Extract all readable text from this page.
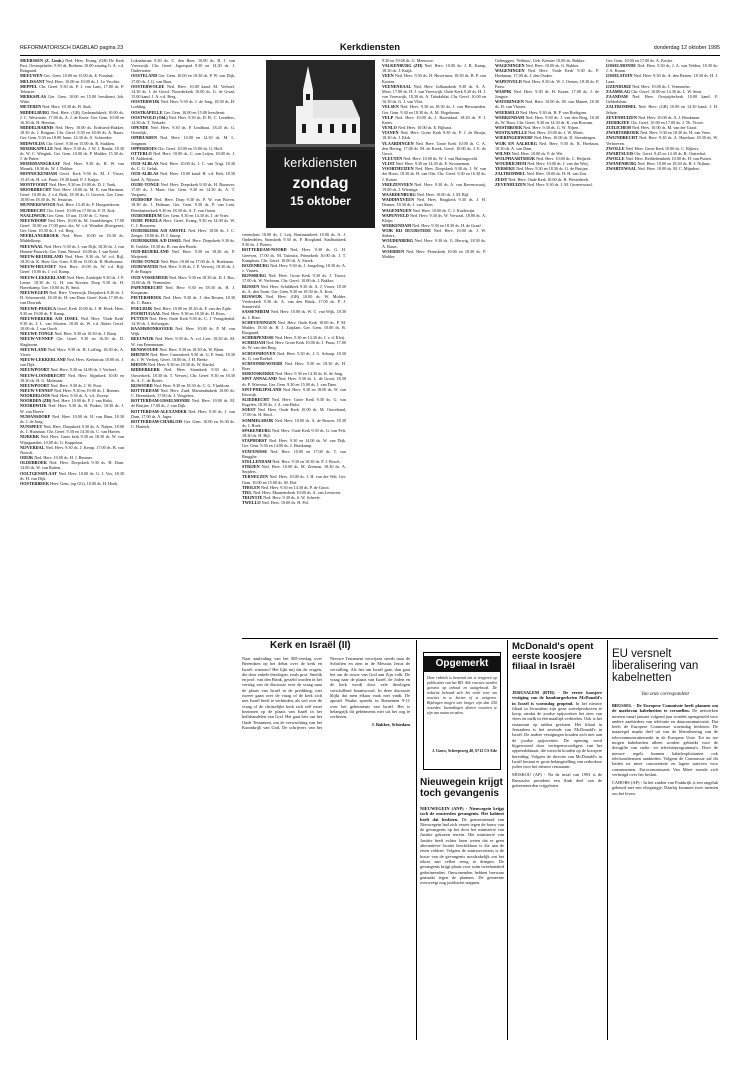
REFORMATORISCH DAGBLAD pagina 23	Kerkdiensten	donderdag 12 oktober 1995

MEERSSEN (Z. Limb.) Ned. Herv. Evang. (GB) De Kerk Past. Oestropthaler: 9.30 ds. Rothem, 10.00 zondag G. A. v.d. Bongaard.

MEEUWEN Gec. Gem. 10.00 en 15.00 ds. E. Fondaal.

MELISSANT Ned. Herv. 10.00 en 19.00 ds. J. Lo Vecchie.

MEPPEL Chr. Geref. 9.30 ds. P. J. van Lans, 17.00 ds. P. Teleuree.

MERKSPLAS Ger. Gem. 10.00 en 15.00 leesdienst Joh. Witte.

METEREN Ned. Herv. 10.30 ds. H. Stuk.

MIDDELBURG Ned. Herv. (GB) Gerbrandskerk 10.00 ds. J. C. Weststrate, 17.00 ds. A. J. de Korte. Ger. Gem. 10.00 en 16.30 ds. H. Heerma.

MIDDELHARNIS Ned. Herv. 10.00 ds. Erdtsieck-Bakker, 18.30 ds. J. Rotgans. Chr. Geref. 9.30 en 18.00 ds. A. Baars. Ger. Gem. 9.30 en 18.00 Janse, 14.30 ds. A. Schroeder.

MIDWOLDA Chr. Geref. 9.30 en 15.00 ds. R. Stukken.

MOERKAPELLE Ned. Herv. 9.30 ds. J. W. J. Bonda, 18.30 ds. W. C. Wiegink, Ger. Gem. 10.00 ds. P. Mulder, 15.30 ds. J. de Putter.

MOERMANSGRAAF Ned. Herv. 9.30 ds. R. W. van Mourik, 18.30 ds. W. J. Dekker.

MONNICKENDAM Geref. Kerk 9.30 ds. M. J. Visser, 15.45 ds. H. v.d. Pauw, 18.30 kand. P. J. Kuijer.

MONTFOORT Ned. Herv. 9.30 en 19.00 ds. D. J. Vonk.

MOORDRECHT Ned. Herv. 10.00 ds. M. E. van Hartman, Geref. 10.00 ds. J. v.d. Berk, 18.30 ds. G. Goverts. Ger. Gem. 10.00 en 18.30 ds. W. Jessurun.

MUNNEKEWOUD Ned. Herv. 13.45 ds. F. Hoogendoorn.

MIJDRECHT Chr. Geref. 10.00 en 17.00 ds. F. D. Kok.

NAALDWIJK Ger. Gem. 10 uur, 15.00 ds. C. Steur.

NIEUWDORP Ned. Herv. 10.00 ds. M. Grandsberger, 17.00 Geref. 10.00 en 17.00 past. drs. W. v.d. Wouden (Kortgene), Ger. Gem. 10.30 ds. J. v.d. Berg.

NEERLANGBROEK Ned. Herv. 10.00 en 18.30 ds. Middelkoop.

NIEUWAAL Ned. Herv. 9.30 ds. J. van Dijk, 18.30 ds. J. van Haaren-Pauwels; Ger. Gem. Nieuwl. 10.00 ds. I. van Ketel.

NIEUW-BEIJERLAND Ned. Herv. 9.30 ds. W. v.d. Bijl, 18.30 ds. K. Boer. Ger. Gem. 9.30 en 15.00 ds. B. Hoeksema.

NIEUW-HELVOET Ned. Herv. 10.00 ds. W. v.d. Bijl. Geref. 10.00 ds. J. v.d. Kamp.

NIEUW-LEKKERLAND Ned. Herv. Zuidzijde 9.30 ds. J. P. Lenze. 18.30 ds. G. H. van Kooten. Dorp 9.30 ds. H. Haverkamp. Ger. 10.00 ds. B. Smit.

NIEUWEGEIN Ned. Herv. Vreeswijk, Dorpskerk 9.30 ds. J. H. Schoonveld, 18.30 ds. H. van Dam. Geref. Kerk 17.00 ds. van Doornik.

NIEUWE-PEKELA Geref. Kerk 10.00 ds. J. H. Hoek. Herv. 9.30 en 19.00 ds. P. Kamp.

NIEUWERKERK A/D IJSSEL Ned. Herv. 'Oude Kerk' 9.30 ds. J. L. van Slooten. 18.30 ds. W. v.d. Akker. Geref. 10.00 ds. J. van Oordt.

NIEUWE TONGE Ned. Herv. 9.30 en 18.30 ds. J. Baaij.

NIEUW-VENNEP Chr. Geref. 9.30 en 16.30 ds. D. Slagboom.

NIEUWLAND Ned. Herv. 9.30 ds. H. Loffing, 18.30 ds. A. Visser.

NIEUW-LEKKERLAND Ned. Herv. Kerkstraat 10.00 ds. J. van Dijk.

NIEUWPOORT Ned. Herv. 9.30 en 14.00 ds. I. Verhoef.

NIEUW-LOOSDRECHT Ned. Herv. Sijpekerk 10.00 en 18.30 ds. H. G. Molenaar.

NIEUWPOORT Ned. Herv. 9.30 ds. J. W. Poot.

NIEUW VENNEP Ned. Herv. 9.30 en 19.00 ds. J. Bonnes.

NOORDELOOS Ned. Herv. 9.30 ds. A. v.d. Zweep.

NOORDEN (ZH) Ned. Herv. 10.00 ds. P. J. van Hulst.

NOORDWIJK Ned. Herv. 9.30 ds. H. Pinkse, 18.30 ds. J. W. van Hoeve.

NUMANSDORP Ned. Herv. 10.00 ds. H. van Ham, 18.30 ds. J. de Jong.

NUNSPEET Ned. Herv. Dorpskerk 9.30 ds. A. Naijen, 18.00 ds. J. Huisman. Chr. Geref. 9.30 en 14.30 ds. C. van Harten.

NIJKERK Ned. Herv. Grote kerk 9.30 en 18.30 ds. W. van Wijngaarden, 10.00 ds. G. Koppelaar.

NIJVERDAL Ned. Herv. 9.30 ds. J. Kemp, 17.00 ds. B. van Noordt.

ODIJK Ned. Herv. 10.00 ds. H. J. Beumer.

OLDEBROEK Ned. Herv. Dorpskerk 9.30 ds. H. Dam, 14.00 ds. W. van Ruiten.

OOLTGENSPLAAT Ned. Herv. 10.00 ds. G. J. Vos, 18.30 ds. H. van Dijk.

OOSTERBEEK Herv. Gem. (op GG), 10.00 ds. H. Hoek.

Lokaalstraat 9.30 ds. C. den Boer, 10.00 ds. B. J. van Vreeswijk. Chr. Geref. Jagerspad 9.30 en 14.30 ds. J. Ouderwater.

OOSTELAND Ger. Gem. 10.00 en 18.30 ds. P. W. van Dijk, 17.00 ds. J. G. van Baar.

OOSTERWOLDE Ned. Herv. 10.00 kand. M. Verhoef, 14.30 ds. J. de Groof. Noorderkerk 10.00 ds. G. de Graaf, 15.00 kand. J. A. v.d. Berg.

OOSTERWIJK Ned. Herv. 9.30 ds. J. de Jong, 18.30 ds. H. Lodding.

OOSTKAPELLE Ger. Gem. 10.00 en 15.00 leesdienst.

OOSTWOLD (Old.) Ned. Herv. 9.30 ds. D. Pi, C. Leenders, 14.30 ds. T. Verkade.

OPENDE Ned. Herv. 9.30 ds. P. Lindhout, 18.45 ds. G. Overdijk.

OPHEUSDEN Ned. Herv. 10.00 en 14.30 ds. M. L. Jongman.

OPPERDOES Chr. Geref. 10.00 en 15.00 ds. G. Hoff.

OTTERLO Ned. Herv. 10.00 ds. C. van Leijen, 18.00 ds. J. H. Aalderink.

OUD-ALBLAS Ned. Herv. 10.00 ds. J. C. van Trigt, 18.30 ds. C. G. Geluk.

OUD-ALBLAS Ned. Herv. 10.00 kand. H. v.d. Belt, 18.30 kand. A. Nijssen.

OUDE-TONGE Ned. Herv. Dorpskerk 9.30 ds. H. Baauwer, 17.00 ds. J. Maas. Ger. Gem. 9.30 en 14.30 ds. A. T. Vergunst.

OUDDORP Ned. Herv. Dorp 9.30 ds. P. W. van Boven, 18.30 ds. J. Hofman. Ger. Gem. 9.30 ds. P. van Lent. Ebenhaëzerkerk 9.30 en 18.30 ds. A. T. van Ooien.

OUDEMIRDUM Ger. Gem. 9.30 en 14.30 ds. J. de Vries.

OUDE PEKELA Herv. Geref. Evang. 9.30 en 14.00 ds. W. C. J. Bouwens.

OUDERKERK A/D AMSTEL Ned. Herv. 10.00 ds. J. C. Zeeger, 18.00 ds. D. J. Snoep.

OUDERKERK A/D IJSSEL Ned. Herv. Dorpskerk 9.30 ds. R. Grobbe, 18.30 ds. B. van den Broek.

OUD-BEIJERLAND Ned. Herv. 9.30 en 18.30 ds. P. Meijerink.

OUDE-TONGE Ned. Herv. 10.00 en 17.00 ds. A. Hoekman.

OUDEWATER Ned. Herv. 9.30 ds. J. P. Verweij, 18.30 ds. J. P. de Burger.

OUD-VOSSEMEER Ned. Herv. 9.30 en 18.30 ds. D. J. Bos, 15.00 ds. H. Vermeulen.

PAPENDRECHT Ned. Herv. 9.30 en 18.30 ds. H. J. Koopman.

PIETERSHOEK Ned. Herv. 9.30 ds. J. den Besten, 18.30 ds. C. Baars.

POELDIJK Ned. Herv. 10.00 en 18.30 ds. F. van der Zijde.

POORTUGAAL Ned. Herv. 9.30 en 18.30 ds. H. Roos.

PUTTEN Ned. Herv. Oude Kerk 9.30 ds. C. J. Vreugdenhil, 14.30 ds. J. Stelwagen.

RAAMSDONKSVEER Ned. Herv. 10.00 ds. P. M. van Wijk.

REEUWIJK Ned. Herv. 9.30 ds. A. v.d. Leer, 18.30 ds. M. W. van Eenennaam.

RENSWOUDE Ned. Herv. 9.30 en 18.30 ds. W. Blom.

RHENEN Ned. Herv. Cunerakerk 9.30 ds. G. P. Smit, 18.30 ds. J. W. Verheij, Geref. 10.00 ds. J. H. Beeke.

RHOON Ned. Herv. 9.30 en 18.30 ds. W. Kardol.

RIDDERKERK Ned. Herv. Sionskerk 9.30 ds. J. Ouwerkerk, 18.30 ds. T. Verweij. Chr. Geref. 9.30 en 16.30 ds. A. C. de Ruiter.

RIJSOORD Ned. Herv. 9.30 en 18.30 ds. C. G. Vlasblom.

ROTTERDAM Ned. Herv. Zuid, Maranathakerk 10.00 ds. C. Heemskerk, 17.00 ds. J. Veugelers.

ROTTERDAM-IJSSELMONDE Ned. Herv. 10.00 ds. M. de Bruijne, 17.00 ds. J. van Dijk.

ROTTERDAM-ALEXANDER Ned. Herv. 9.30 ds. J. van Dam, 17.00 ds. A. Jager.

ROTTERDAM-CHARLOIS Ger. Gem. 10.00 en 16.30 ds. C. Harinck.

verenshuis 10.00 ds. J. Leij, Bastiaanskerk 10.00 ds. A. J. Onderdelen, Sionskerk 9.30 ds. P. Hoogland, Stadhuiskerk 9.30 ds. J. Pieters.

ROTTERDAM-NOORD Ned. Herv. 9.30 ds. G. H. Greeven, 17.00 ds. M. Tuinstra, Prinsekerk 10.00 ds. J. T. Kamphuis. Chr. Geref. 10.00 ds. A. Snoek.

ROZENBURG Ned. Herv. 9.30 ds. J. Jongeling, 18.30 ds. A. v. Vianen.

RIJNSBURG Ned. Herv. Grote Kerk 9.30 ds. J. Troost, 17.00 ds. W. Verboom. Chr. Geref. 10.00 ds. J. Bakker.

RIJSSEN Ned. Herv. Schildkerk 9.30 ds. A. J. Visser, 18.30 ds. A. den Toom. Ger. Gem. 9.30 en 18.30 ds. A. Kort.

RIJSWIJK Ned. Herv. (GB) 10.00 ds. W. Mulder, Vredeskerk 9.30 ds. A. van den Brink, 17.00 ds. P. J. Sonneveld.

SASSENHEIM Ned. Herv. 10.00 ds. W. C. van Wijk, 18.30 ds. J. Bout.

SCHEVENINGEN Ned. Herv. Oude Kerk 10.00 ds. P. M. Mulder, 18.30 ds. H. J. Zuijdam. Ger. Gem. 10.00 ds. R. Boogaard.

SCHERPENISSE Ned. Herv. 9.30 en 14.30 ds. J. v. d. Kleij.

SCHIEDAM Ned. Herv. Grote Kerk 10.00 ds. J. Pauw, 17.00 ds. W. van den Berg.

SCHOONHOVEN Ned. Herv. 9.30 ds. J. C. Schaap, 18.30 ds. G. van Roekel.

SCHOONREWOERD Ned. Herv. 9.30 en 18.30 ds. H. Boer.

SEROOSKERKE Ned. Herv. 9.30 en 14.30 ds. K. de Jong.

SINT ANNALAND Ned. Herv. 9.30 ds. L. de Groot, 18.30 ds. P. Wiersma. Ger. Gem. 9.30 en 15.00 ds. J. van Dam.

SINT-PHILIPSLAND Ned. Herv. 9.30 en 18.00 ds. W. van Eeuwijk.

SLIEDRECHT Ned. Herv. Grote Kerk 9.30 ds. G. van Engelen, 18.30 ds. J. A. van Hulst.

SOEST Ned. Herv. Oude Kerk 10.00 ds. M. Ouwehand, 17.00 ds. H. Knol.

SOMMELSDIJK Ned. Herv. 10.00 ds. A. de Reuver, 18.30 ds. J. Hoek.

SPAKENBURG Ned. Herv. Oude Kerk 9.30 ds. G. van Pelt, 18.30 ds. H. Bijl.

STAPHORST Ned. Herv. 9.30 en 14.00 ds. W. van Dijk. Ger. Gem. 9.30 en 14.00 ds. J. Harskamp.

STAVENISSE Ned. Herv. 10.00 en 17.00 ds. T. van Brugghe.

STELLENDAM Ned. Herv. 9.30 en 18.30 ds. P. J. Bosch.

STRIJEN Ned. Herv. 10.00 ds. M. Zeeman, 18.30 ds. A. Snijders.

TERNEUZEN Ned. Herv. 10.00 ds. J. H. van der Wal. Ger. Gem. 10.00 en 15.00 ds. M. Hof.

THOLEN Ned. Herv. 9.30 en 14.30 ds. P. de Groot.

TIEL Ned. Herv. Maartenskerk 10.00 ds. A. van Leeuwen.

TRIJNTJE Ned. Herv. 9.30 ds. S. W. Scheele.

TWELLO Ned. Herv. 10.00 ds. H. Pol.

9.30 en 19.00 ds. G. Meeuwse.

VALKENBURG (ZH) Ned. Herv. 10.00 ds. J. B. Kamp, 18.30 ds. J. Kuijk.

VEEN Ned. Herv. 9.30 ds. H. Huverinen, 18.30 ds. B. P. van Kooten.

VEENENDAAL Ned. Herv. Jullianakerk 9.30 ds. A. A. Meer, 17.00 ds. H. J. van Vreeswijk. Oude Kerk 9.30 ds. H. J. van Vreeswijk, 18.30 ds. A. Tabaksblat. Chr. Geref. 10.00 en 16.30 ds. G. J. van Vliet.

VELSEN Ned. Herv. 9.30 en 18.30 ds. J. van Herwaarden. Ger. Gem. 9.30 en 18.30 ds. A. M. Hogeboom.

VELP Ned. Herv. 10.00 ds. J. Rozendaal, 18.30 ds. P. J. Krens.

VENLO Ned. Herv. 10.00 ds. E. Bijlsma.

VIANEN Ned. Herv. Grote Kerk 9.30 ds. P. J. de Bruijn, 18.30 ds. J. Klok.

VLAARDINGEN Ned. Herv. Grote Kerk 10.00 ds. C. A. den Hertog, 17.00 ds. M. de Kreek. Geref. 10.00 ds. J. E. de Groot.

VLEUTEN Ned. Herv. 10.00 ds. W. J. van Hartingsveld.

VLIST Ned. Herv. 9.30 en 14.30 ds. E. Krooneman.

VOORTHUIZEN Ned. Herv. Dorpskerk 9.30 ds. J. W. van der Horst, 18.30 ds. H. van Olst. Chr. Geref. 9.30 en 16.30 ds. J. Koster.

VRIEZENVEEN Ned. Herv. 9.30 ds. A. van Ravenswaaij, 19.00 ds. J. Wieringa.

WAARDENBURG Ned. Herv. 10.00 ds. J. M. Bijl.

WADDINXVEEN Ned. Herv. Brugkerk 9.30 ds. J. H. Donner, 18.30 ds. J. van Aken.

WAGENINGEN Ned. Herv. 10.00 ds. C. J. Koelewijn.

WAPENVELD Ned. Herv. 9.30 ds. W. Verwaal, 18.00 ds. A. Kleijn.

WERKENDAM Ned. Herv. 9.30 en 18.30 ds. H. de Graaf.

WIJK BIJ DUURSTEDE Ned. Herv. 10.00 ds. J. W. Siebers.

WOUDENBERG Ned. Herv. 9.30 ds. G. Herwig, 18.30 ds. A. Baars.

WOERDEN Ned. Herv. Petruskerk 10.00 en 18.30 ds. P. Mulder.

Gebruggen, 'Velthuis', Geb. Kreuter 10.00 ds. Bakker.

WAGENINGEN Ned. Herv. 10.00 ds. G. Bakker.

WAGENINGEN Ned. Herv. 'Oude Kerk' 9.30 ds. P. Hoekman, 17.00 ds. J. den Ouden.

WAPENVELD Ned. Herv. 9.30 ds. W. J. Oosten, 18.30 ds. P. Pauw.

WASPIK Ned. Herv. 9.30 ds. H. Kraan, 17.00 ds. J. de Jongste.

WATERINGEN Ned. Herv. 10.00 ds. M. van Manen, 18.30 ds. D. van Vlasset.

WEERSELO Ned. Herv. 9.30 ds. H. P. van Bodegom.

WERKENDAM Ned. Herv. 9.30 ds. J. van den Berg, 18.30 ds. W. Roos. Chr. Geref. 9.30 en 14.30 ds. K. van Rossum.

WESTBROEK Ned. Herv. 9.30 ds. G. W. Nijsen.

WESTKAPELLE Ned. Herv. 10.00 ds. J. W. Maris.

WIERINGERWERF Ned. Herv. 10.00 ds. D. Steenbergen.

WIJK EN AALBURG Ned. Herv. 9.30 ds. B. Hoekstra, 18.30 ds. A. van Dam.

WILNIS Ned. Herv. 10.00 ds. F. de Wit.

WOLPHAARTSDIJK Ned. Herv. 10.00 ds. C. Heijstek.

WOUDRICHEM Ned. Herv. 10.00 ds. J. van der Weij.

YERSEKE Ned. Herv. 9.30 en 18.30 ds. G. de Bruijne.

ZALTBOMMEL Ned. Herv. 10.00 ds. H. H. van Zon.

ZEIST Ned. Herv. Oude Kerk 10.00 ds. H. Westerbeek.

ZEVENHUIZEN Ned. Herv. 9.30 ds. J. M. Groenewoud.

Ger. Gem. 10.00 en 17.00 ds. A. Koster.

IJSSELMONDE Ned. Herv. 9.30 ds. J. A. van Velden, 18.30 ds. J. A. Kraan.

IJSSELSTEIN Ned. Herv. 9.30 ds. A. den Besten, 18.30 ds. H. J. Laan.

IJZENDIJKE Ned. Herv. 10.00 ds. J. Vermeulen.

ZAAMSLAG Chr. Geref. 10.00 en 14.30 ds. L. W. Smit.

ZAANDAM Ned. Herv. Oostzijderkerk 10.00 kand. P. Gelderblom.

ZALTBOMMEL Ned. Herv. (GB) 10.00 en 14.30 kand. J. H. Jeltzje.

ZEVENHUIZEN Ned. Herv. 10.00 ds. A. J. Brinkman.

ZIERIKZEE Chr. Geref. 10.00 en 17.00 ds. J. Th. Visser.

ZUILICHEM Ned. Herv. 10.00 ds. M. van der Graaf.

ZWARTEBROEK Ned. Herv. 9.30 en 18.30 ds. H. van Veen.

ZWIJNDRECHT Ned. Herv. 9.30 ds. A. Hazelaar, 18.30 ds. W. Verhoeven.

ZWOLLE Ned. Herv. Grote Kerk 10.00 ds. C. Rijkers.

ZWARTSLUIS Chr. Geref. 9.45 en 14.30 ds. B. Oosterhof.

ZWOLLE Ned. Herv. Bethlehemkerk 10.00 ds. H. van Putten.

ZWANENBURG Ned. Herv. 10.00 en 18.30 ds. H. J. Nijhuis.

ZWARTEWAAL Ned. Herv. 10.00 ds. M. C. Mijnders.

kerkdiensten
zondag
15 oktober
Kerk en Israël (II)
Naar aanleiding van het RD-verslag over Berendsen op het debat over de kerk en Israël: waarom? Het lijkt mij dat de vragen, die door enkele theologen, zoals prof. Smelik en prof. van den Brink, gesteld worden in het verslag van de discussie over de vraag naar de plaats van Israël in de prediking, niet zozeer gaan over de vraag of de kerk zich met Israël heeft te verbinden, als wel over de vraag of de christelijke kerk zich zelf moet bezinnen op de plaats van Israël in het heilshandelen van God. Het gaat hier om het Oude Testament, om de verwachting van het Koninkrijk van God. De schrijvers van het Nieuwe Testament verwijzen steeds naar de Schriften en zien in de Messias Jezus de vervulling. Als het om Israël gaat, dan gaat het om de trouw van God aan Zijn volk. De vraag naar de plaats van Israël, de Joden en de kerk wordt door vele theologen verschillend beantwoord. In deze discussie blijkt dat men elkaar vaak niet vindt. De apostel Paulus spreekt in Romeinen 9-11 over het geheimenis van Israël. Het is belangrijk dit geheimenis niet uit het oog te verliezen.
J. Bakker, Schiedam
Opgemerkt
Deze rubriek is bestemd om te reageren op publicaties van het RD. Alle reacties worden getoetst op inhoud en taalgebruik. De redactie behoudt zich het recht voor om reacties in te korten of te weigeren. Bijdragen mogen niet langer zijn dan 250 woorden. Inzendingen dienen voorzien te zijn van naam en adres.
J. Gouw, Scheepsweg 40, 6712 CS Ede
Nieuwegein krijgt toch gevangenis
NIEUWEGEIN (ANP) - Nieuwegein krijgt toch de omstreden gevangenis. Het kabinet heeft dat besloten. De gemeenteraad van Nieuwegein had zich verzet tegen de bouw van de gevangenis op het door het ministerie van Justitie gekozen terrein. Het ministerie van Justitie heeft echter laten weten dat er geen alternatieve locatie beschikbaar is die aan de eisen voldoet. Volgens de staatssecretaris is de bouw van de gevangenis noodzakelijk om het tekort aan cellen terug te dringen. De gevangenis krijgt plaats voor ruim tweehonderd gedetineerden. Omwonenden hebben bezwaar gemaakt tegen de plannen. De gemeente overweegt nog juridische stappen.
McDonald's opent eerste koosjere filiaal in Israël
JERUSALEM (RTR) - De eerste koosjere vestiging van de hamburgerketen McDonald's in Israël is woensdag geopend. In het nieuwe filiaal in Jeruzalem zijn geen zuivelproducten te koop, omdat de joodse spijswetten het eten van vlees en melk in één maaltijd verbieden. Ook is het restaurant op sabbat gesloten. Het filiaal in Jeruzalem is het zevende van McDonald's in Israël. De andere vestigingen houden zich niet aan de joodse spijswetten. De opening werd bijgewoond door vertegenwoordigers van het opperrabbinaat, die toezicht houden op de koosjere bereiding. Volgens de directie van McDonald's in Israël bestaat er grote belangstelling van orthodoxe joden voor het nieuwe restaurant.
MOSKOU (AP) - Na de inval van 1993 is de Russische president een flink deel van de geïnterneerden vrijgelaten.
EU versnelt liberalisering van kabelnetten
Van onze correspondent
BRUSSEL - De Europese Commissie heeft plannen om de marktvan kabelnetten te versnellen. De netwerken moeten vanaf januari volgend jaar worden opengesteld voor andere aanbieders van telefonie en datacommunicatie. Dat heeft de Europese Commissie woensdag besloten. De maatregel maakt deel uit van de liberalisering van de telecommunicatiemarkt in de Europese Unie. Tot nu toe mogen kabelnetten alleen worden gebruikt voor de doorgifte van radio- en televisieprogramma's. Door de nieuwe regels kunnen kabelexploitanten ook telefoondiensten aanbieden. Volgens de Commissie zal dit leiden tot meer concurrentie en lagere tarieven voor consumenten. Eurocommissaris Van Miert toonde zich verheugd over het besluit.
CAHORS (AP) - In het zuiden van Frankrijk is een ongeluk gebeurd met een vliegtuigje. Daarbij kwamen twee mensen om het leven.
